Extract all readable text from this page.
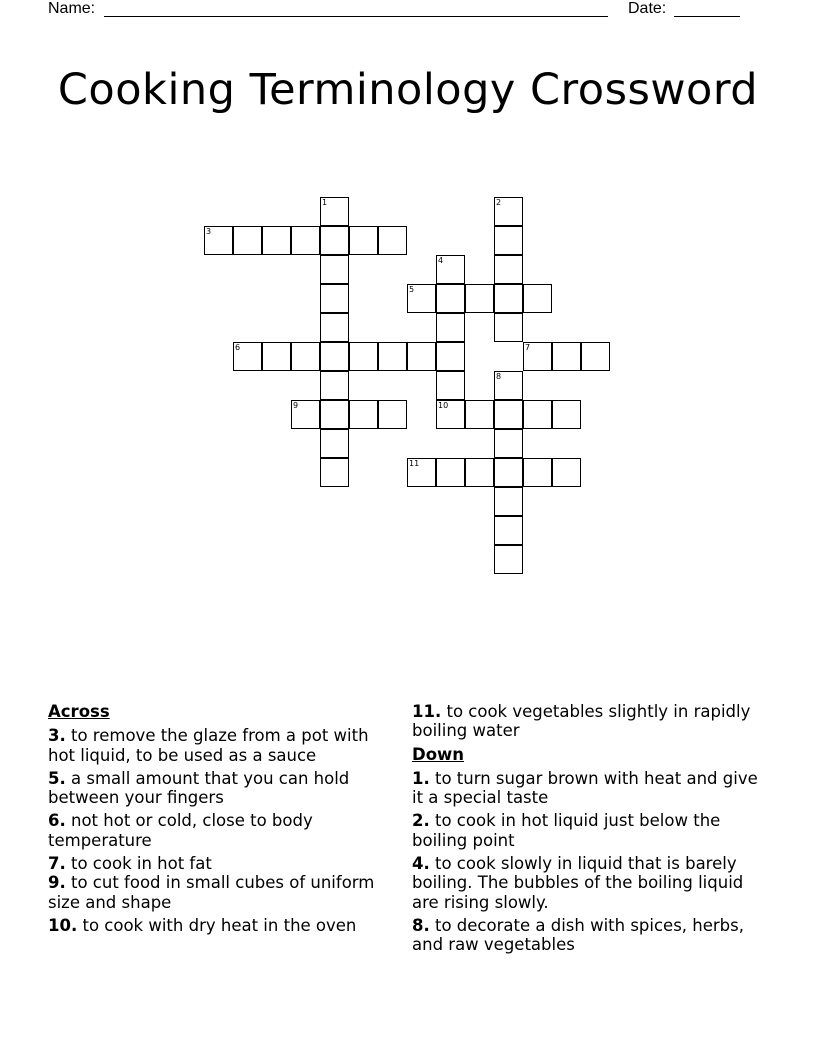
Name:	Date:
Cooking Terminology Crossword
1	2
3
4
5
6	7
8
9	10
11
Across
3. to remove the glaze from a pot with hot liquid, to be used as a sauce
5. a small amount that you can hold between your fingers
6. not hot or cold, close to body temperature
7. to cook in hot fat
9. to cut food in small cubes of uniform size and shape
10. to cook with dry heat in the oven
11. to cook vegetables slightly in rapidly boiling water
Down
1. to turn sugar brown with heat and give it a special taste
2. to cook in hot liquid just below the boiling point
4. to cook slowly in liquid that is barely boiling. The bubbles of the boiling liquid are rising slowly.
8. to decorate a dish with spices, herbs, and raw vegetables
